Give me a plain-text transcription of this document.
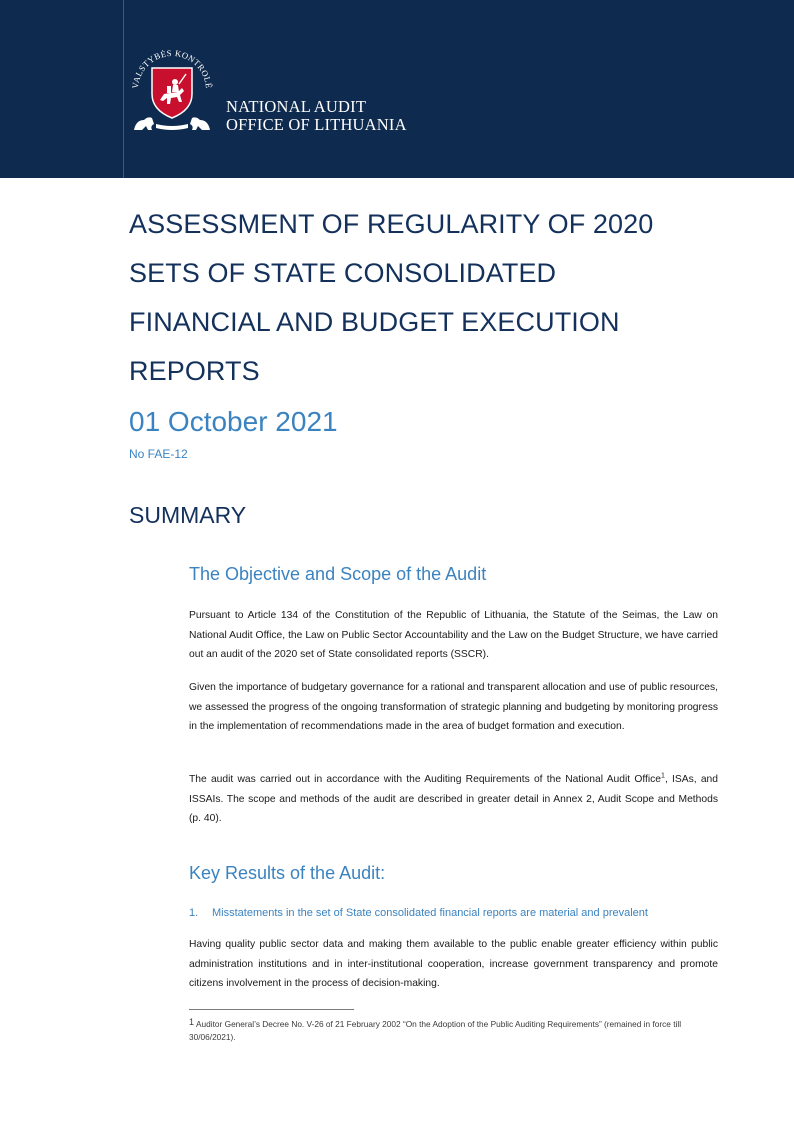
VALSTYBĖS KONTROLĖ
NATIONAL AUDIT
OFFICE OF LITHUANIA
ASSESSMENT OF REGULARITY OF 2020
SETS OF STATE CONSOLIDATED
FINANCIAL AND BUDGET EXECUTION
REPORTS
01 October 2021
No FAE-12
SUMMARY
The Objective and Scope of the Audit

Pursuant to Article 134 of the Constitution of the Republic of Lithuania, the Statute of the Seimas, the Law on National Audit Office, the Law on Public Sector Accountability and the Law on the Budget Structure, we have carried out an audit of the 2020 set of State consolidated reports (SSCR).

Given the importance of budgetary governance for a rational and transparent allocation and use of public resources, we assessed the progress of the ongoing transformation of strategic planning and budgeting by monitoring progress in the implementation of recommendations made in the area of budget formation and execution.

The audit was carried out in accordance with the Auditing Requirements of the National Audit Office$^1$, ISAs, and ISSAIs. The scope and methods of the audit are described in greater detail in Annex 2, Audit Scope and Methods (p. 40).

Key Results of the Audit:

1. Misstatements in the set of State consolidated financial reports are material and prevalent

Having quality public sector data and making them available to the public enable greater efficiency within public administration institutions and in inter-institutional cooperation, increase government transparency and promote citizens involvement in the process of decision-making.

$^1$ Auditor General’s Decree No. V-26 of 21 February 2002 “On the Adoption of the Public Auditing Requirements” (remained in force till 30/06/2021).
